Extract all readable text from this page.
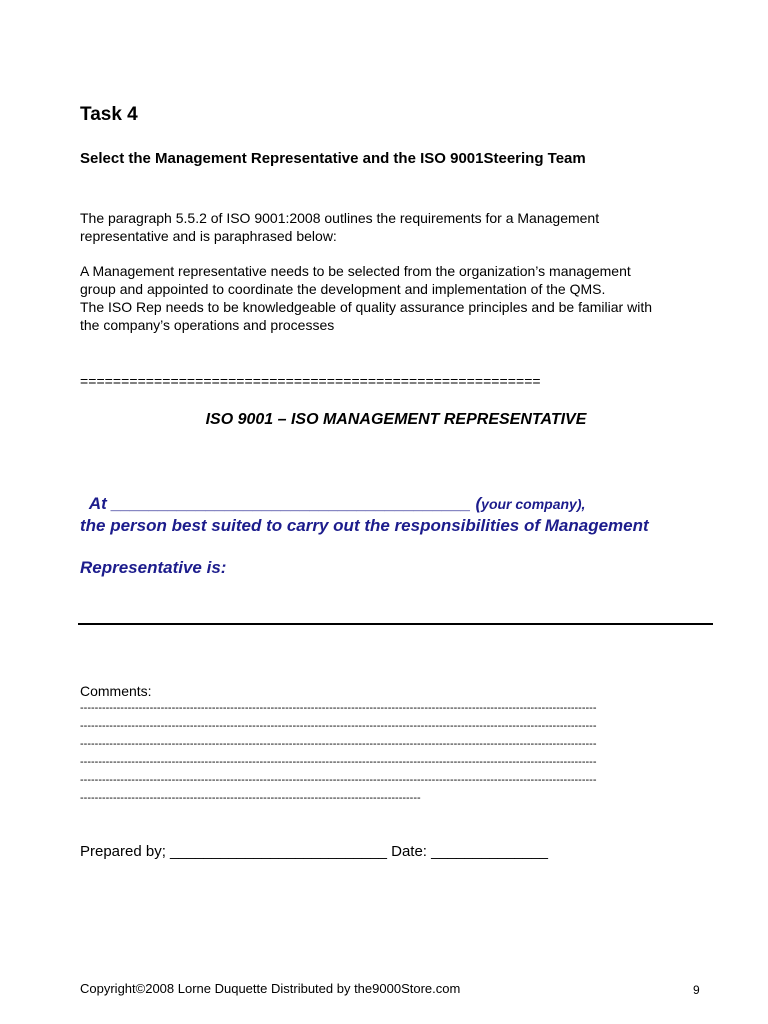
Task 4
Select the Management Representative and the ISO 9001Steering Team
The paragraph 5.5.2 of ISO 9001:2008 outlines the requirements for a Management
representative and is paraphrased below:
A Management representative needs to be selected from the organization’s management
group and appointed to coordinate the development and implementation of the QMS.
The ISO Rep needs to be knowledgeable of quality assurance principles and be familiar with
the company’s operations and processes
========================================================
ISO 9001 – ISO MANAGEMENT REPRESENTATIVE

At ______________________________________ (your company),

the person best suited to carry out the responsibilities of Management
Representative is:
Comments:
---------------------------------------------------------------------------------------------------------------------------------------------
---------------------------------------------------------------------------------------------------------------------------------------------
---------------------------------------------------------------------------------------------------------------------------------------------
---------------------------------------------------------------------------------------------------------------------------------------------
---------------------------------------------------------------------------------------------------------------------------------------------
---------------------------------------------------------------------------------------------
Prepared by; __________________________ Date: ______________
Copyright©2008 Lorne Duquette Distributed by the9000Store.com	9
